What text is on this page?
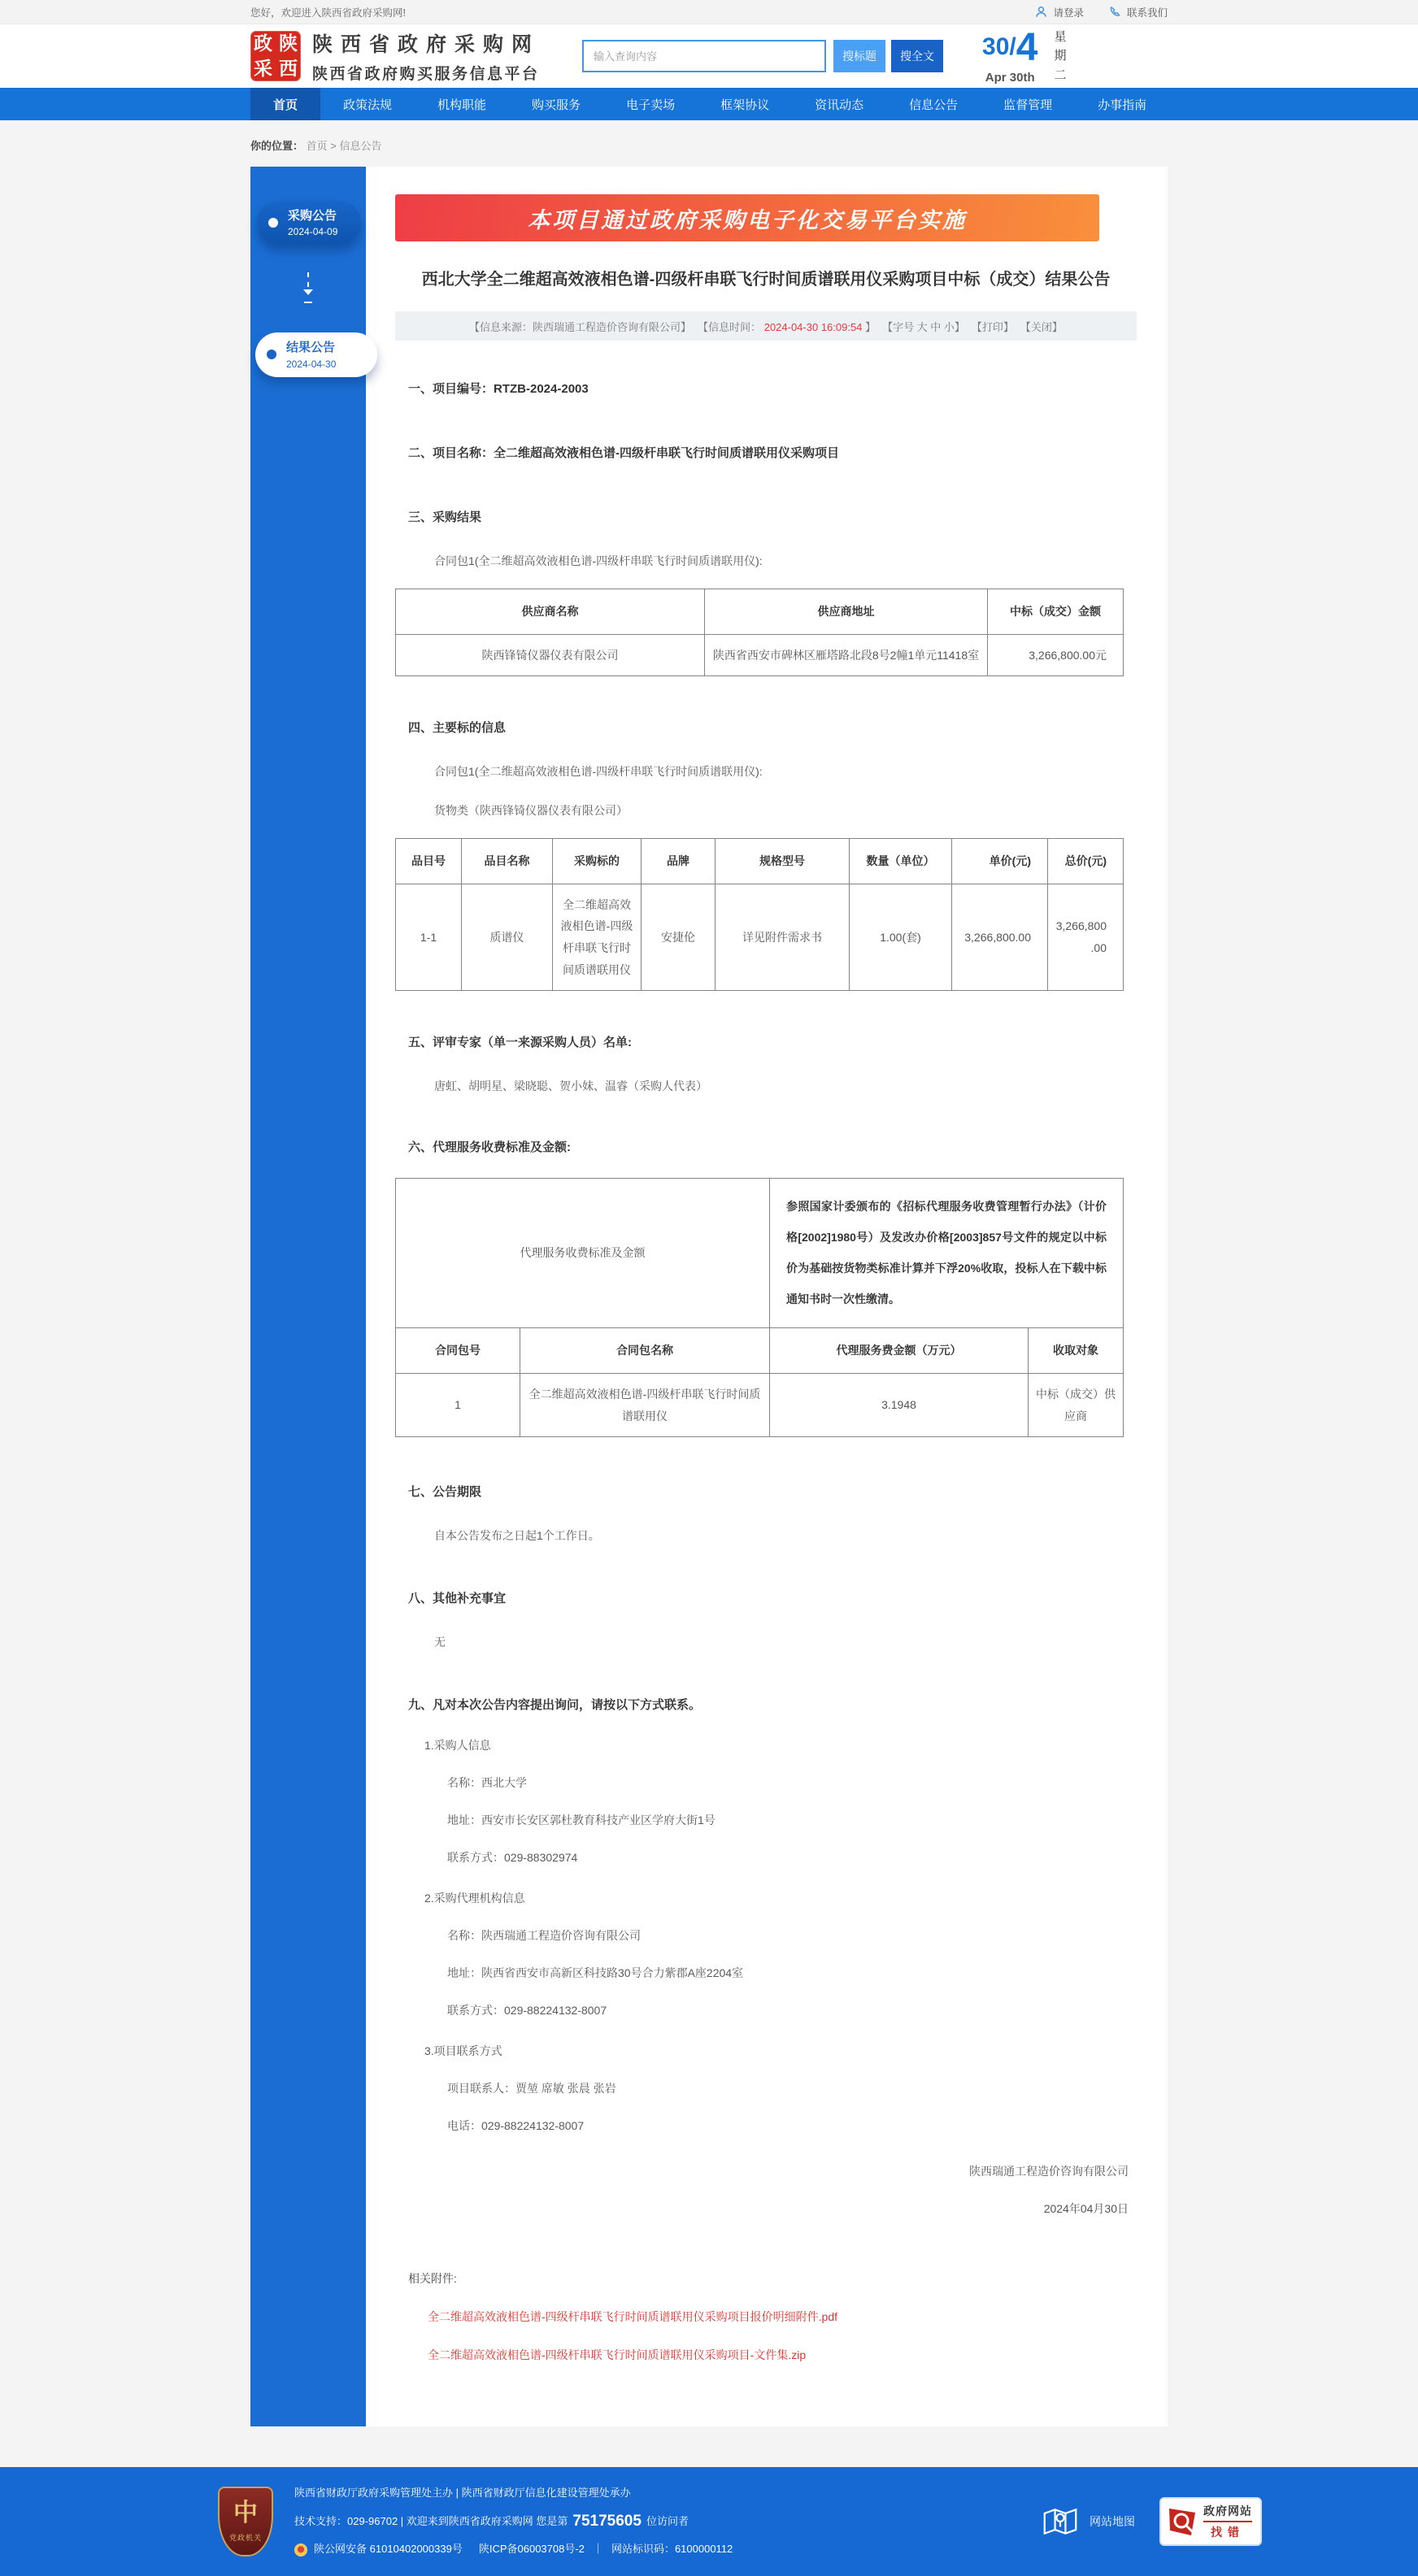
您好，欢迎进入陕西省政府采购网!	请登录	联系我们
政 陕
采 西
陕西省政府采购网
陕西省政府购买服务信息平台
输入查询内容
搜标题	搜全文	30 / 4
Apr 30th
星期二
首页	政策法规	机构职能	购买服务	电子卖场	框架协议	资讯动态	信息公告	监督管理	办事指南
你的位置： 首页 > 信息公告
采购公告
2024-04-09
结果公告
2024-04-30
本项目通过政府采购电子化交易平台实施
西北大学全二维超高效液相色谱-四级杆串联飞行时间质谱联用仪采购项目中标（成交）结果公告
【信息来源：陕西瑞通工程造价咨询有限公司】 【信息时间： 2024-04-30 16:09:54 】 【字号 大 中 小】 【打印】 【关闭】
一、项目编号：RTZB-2024-2003
二、项目名称：全二维超高效液相色谱-四级杆串联飞行时间质谱联用仪采购项目
三、采购结果
合同包1(全二维超高效液相色谱-四级杆串联飞行时间质谱联用仪):
供应商名称	供应商地址	中标（成交）金额
陕西锋锜仪器仪表有限公司	陕西省西安市碑林区雁塔路北段8号2幢1单元11418室	3,266,800.00元
四、主要标的信息
合同包1(全二维超高效液相色谱-四级杆串联飞行时间质谱联用仪):
货物类（陕西锋锜仪器仪表有限公司）
品目号	品目名称	采购标的	品牌	规格型号	数量（单位）	单价(元)	总价(元)
1-1	质谱仪	全二维超高效液相色谱-四级杆串联飞行时间质谱联用仪	安捷伦	详见附件需求书	1.00(套)	3,266,800.00	3,266,800.00
五、评审专家（单一来源采购人员）名单:
唐虹、胡明星、梁晓聪、贺小妹、温睿（采购人代表）
六、代理服务收费标准及金额:
代理服务收费标准及金额		参照国家计委颁布的《招标代理服务收费管理暂行办法》（计价格[2002]1980号）及发改办价格[2003]857号文件的规定以中标价为基础按货物类标准计算并下浮20%收取，投标人在下载中标通知书时一次性缴清。	
合同包号	合同包名称	代理服务费金额（万元）	收取对象
1	全二维超高效液相色谱-四级杆串联飞行时间质谱联用仪	3.1948	中标（成交）供应商
七、公告期限
自本公告发布之日起1个工作日。
八、其他补充事宜
无
九、凡对本次公告内容提出询问，请按以下方式联系。
1.采购人信息
名称：西北大学
地址：西安市长安区郭杜教育科技产业区学府大街1号
联系方式：029-88302974
2.采购代理机构信息
名称：陕西瑞通工程造价咨询有限公司
地址：陕西省西安市高新区科技路30号合力紫郡A座2204室
联系方式：029-88224132-8007
3.项目联系方式
项目联系人：贾堃 席敏 张晨 张岩
电话：029-88224132-8007
陕西瑞通工程造价咨询有限公司
2024年04月30日
相关附件:
全二维超高效液相色谱-四级杆串联飞行时间质谱联用仪采购项目报价明细附件.pdf
全二维超高效液相色谱-四级杆串联飞行时间质谱联用仪采购项目-文件集.zip
中
党政机关
陕西省财政厅政府采购管理处主办 | 陕西省财政厅信息化建设管理处承办
技术支持：029-96702 | 欢迎来到陕西省政府采购网 您是第 75175605 位访问者
陕公网安备 61010402000339号 陕ICP备06003708号-2 ｜ 网站标识码：6100000112
网站地图
政府网站
找错
